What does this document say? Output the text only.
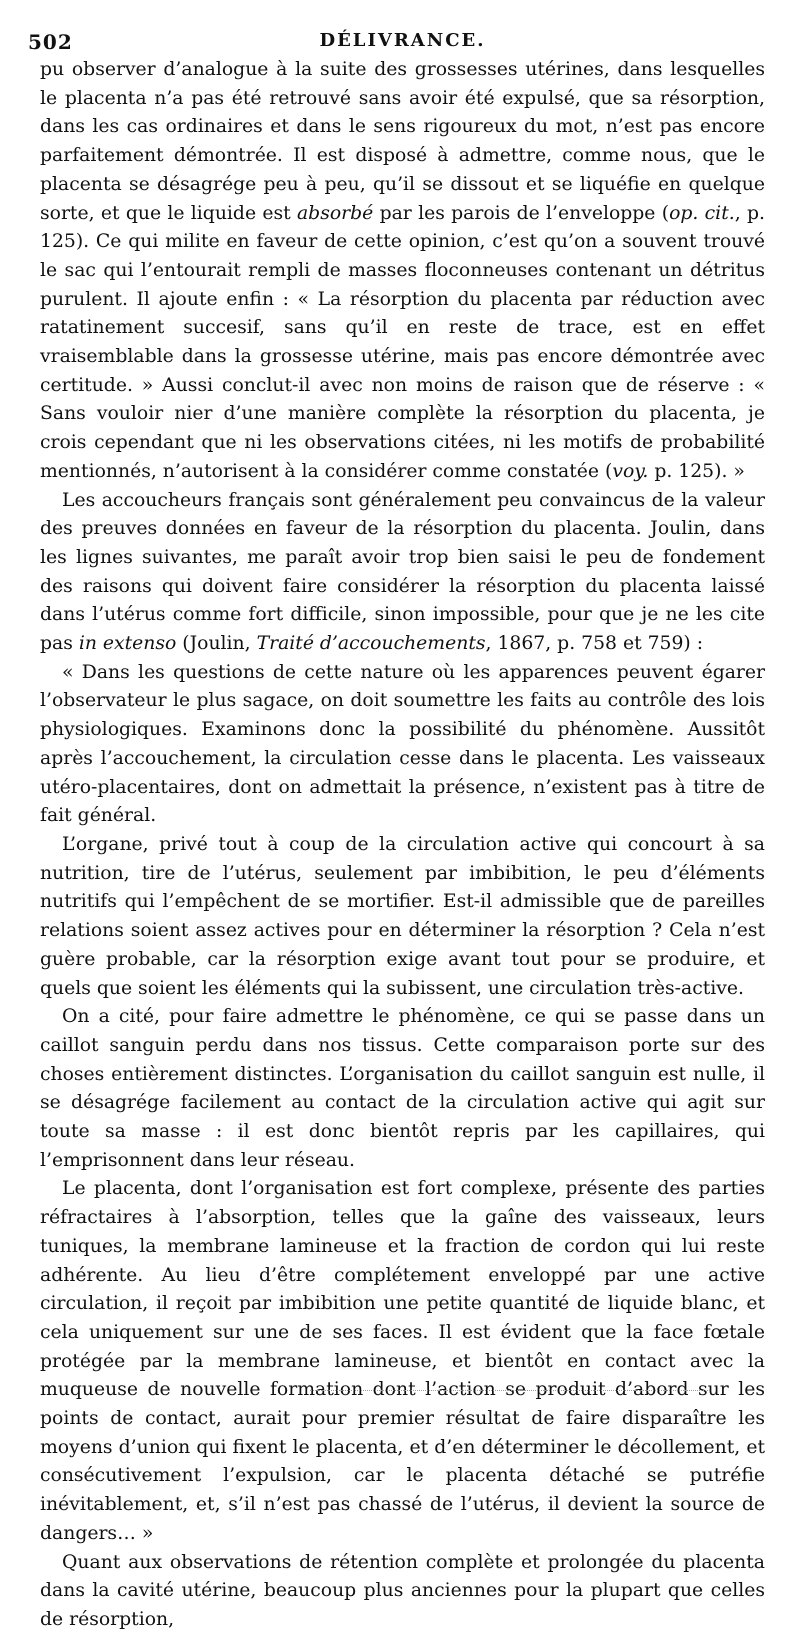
502	DÉLIVRANCE.

pu observer d’analogue à la suite des grossesses utérines, dans lesquelles le placenta n’a pas été retrouvé sans avoir été expulsé, que sa résorption, dans les cas ordinaires et dans le sens rigoureux du mot, n’est pas encore parfaitement démontrée. Il est disposé à admettre, comme nous, que le placenta se désagrége peu à peu, qu’il se dissout et se liquéfie en quelque sorte, et que le liquide est absorbé par les parois de l’enveloppe (op. cit., p. 125). Ce qui milite en faveur de cette opinion, c’est qu’on a souvent trouvé le sac qui l’entourait rempli de masses floconneuses contenant un détritus purulent. Il ajoute enfin : « La résorption du placenta par réduction avec ratatinement succesif, sans qu’il en reste de trace, est en effet vraisemblable dans la grossesse utérine, mais pas encore démontrée avec certitude. » Aussi conclut-il avec non moins de raison que de réserve : « Sans vouloir nier d’une manière complète la résorption du placenta, je crois cependant que ni les observations citées, ni les motifs de probabilité mentionnés, n’autorisent à la considérer comme constatée (voy. p. 125). »

Les accoucheurs français sont généralement peu convaincus de la valeur des preuves données en faveur de la résorption du placenta. Joulin, dans les lignes suivantes, me paraît avoir trop bien saisi le peu de fondement des raisons qui doivent faire considérer la résorption du placenta laissé dans l’utérus comme fort difficile, sinon impossible, pour que je ne les cite pas in extenso (Joulin, Traité d’accouchements, 1867, p. 758 et 759) :

« Dans les questions de cette nature où les apparences peuvent égarer l’observateur le plus sagace, on doit soumettre les faits au contrôle des lois physiologiques. Examinons donc la possibilité du phénomène. Aussitôt après l’accouchement, la circulation cesse dans le placenta. Les vaisseaux utéro-placentaires, dont on admettait la présence, n’existent pas à titre de fait général.

L’organe, privé tout à coup de la circulation active qui concourt à sa nutrition, tire de l’utérus, seulement par imbibition, le peu d’éléments nutritifs qui l’empêchent de se mortifier. Est-il admissible que de pareilles relations soient assez actives pour en déterminer la résorption ? Cela n’est guère probable, car la résorption exige avant tout pour se produire, et quels que soient les éléments qui la subissent, une circulation très-active.

On a cité, pour faire admettre le phénomène, ce qui se passe dans un caillot sanguin perdu dans nos tissus. Cette comparaison porte sur des choses entièrement distinctes. L’organisation du caillot sanguin est nulle, il se désagrége facilement au contact de la circulation active qui agit sur toute sa masse : il est donc bientôt repris par les capillaires, qui l’emprisonnent dans leur réseau.

Le placenta, dont l’organisation est fort complexe, présente des parties réfractaires à l’absorption, telles que la gaîne des vaisseaux, leurs tuniques, la membrane lamineuse et la fraction de cordon qui lui reste adhérente. Au lieu d’être complétement enveloppé par une active circulation, il reçoit par imbibition une petite quantité de liquide blanc, et cela uniquement sur une de ses faces. Il est évident que la face fœtale protégée par la membrane lamineuse, et bientôt en contact avec la muqueuse de nouvelle formation dont l’action se produit d’abord sur les points de contact, aurait pour premier résultat de faire disparaître les moyens d’union qui fixent le placenta, et d’en déterminer le décollement, et consécutivement l’expulsion, car le placenta détaché se putréfie inévitablement, et, s’il n’est pas chassé de l’utérus, il devient la source de dangers… »

Quant aux observations de rétention complète et prolongée du placenta dans la cavité utérine, beaucoup plus anciennes pour la plupart que celles de résorption,
